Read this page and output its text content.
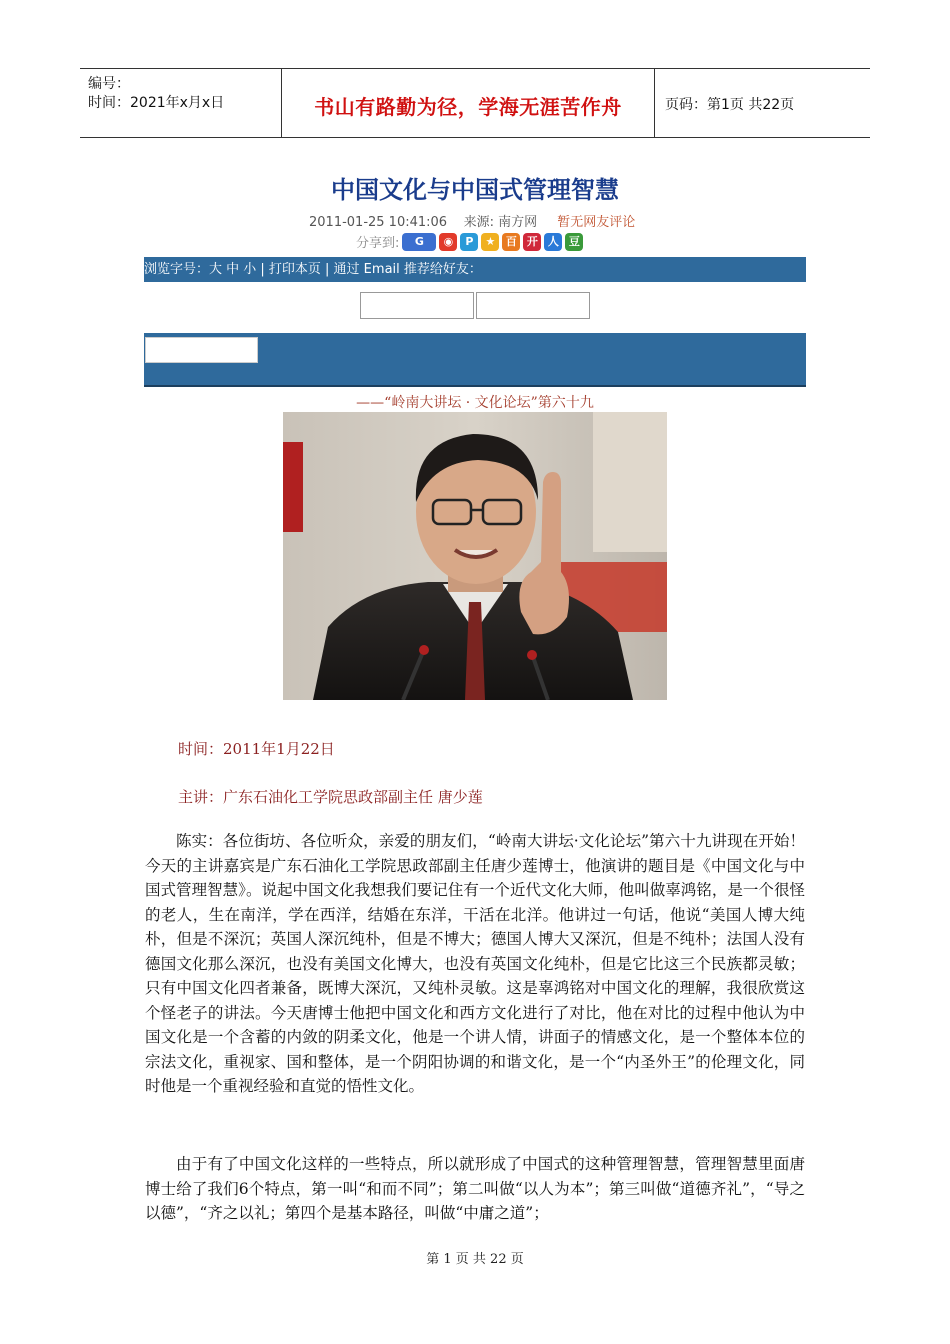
编号：
时间：2021年x月x日	书山有路勤为径，学海无涯苦作舟	页码：第1页 共22页
中国文化与中国式管理智慧
2011-01-25 10:41:06 来源: 南方网 暂无网友评论
分享到:	G	◉	P	★ 百 开 人 豆
浏览字号：大 中 小 | 打印本页 | 通过 Email 推荐给好友：
——“岭南大讲坛 · 文化论坛”第六十九
时间：2011年1月22日
主讲：广东石油化工学院思政部副主任 唐少莲

陈实：各位街坊、各位听众，亲爱的朋友们，“岭南大讲坛·文化论坛”第六十九讲现在开始！今天的主讲嘉宾是广东石油化工学院思政部副主任唐少莲博士，他演讲的题目是《中国文化与中国式管理智慧》。说起中国文化我想我们要记住有一个近代文化大师，他叫做辜鸿铭，是一个很怪的老人，生在南洋，学在西洋，结婚在东洋，干活在北洋。他讲过一句话，他说“美国人博大纯朴，但是不深沉；英国人深沉纯朴，但是不博大；德国人博大又深沉，但是不纯朴；法国人没有德国文化那么深沉，也没有美国文化博大，也没有英国文化纯朴，但是它比这三个民族都灵敏；只有中国文化四者兼备，既博大深沉，又纯朴灵敏。这是辜鸿铭对中国文化的理解，我很欣赏这个怪老子的讲法。今天唐博士他把中国文化和西方文化进行了对比，他在对比的过程中他认为中国文化是一个含蓄的内敛的阴柔文化，他是一个讲人情，讲面子的情感文化，是一个整体本位的宗法文化，重视家、国和整体，是一个阴阳协调的和谐文化，是一个“内圣外王”的伦理文化，同时他是一个重视经验和直觉的悟性文化。

由于有了中国文化这样的一些特点，所以就形成了中国式的这种管理智慧，管理智慧里面唐博士给了我们6个特点，第一叫“和而不同”；第二叫做“以人为本”；第三叫做“道德齐礼”，“导之以德”，“齐之以礼；第四个是基本路径，叫做“中庸之道”；

第 1 页 共 22 页
